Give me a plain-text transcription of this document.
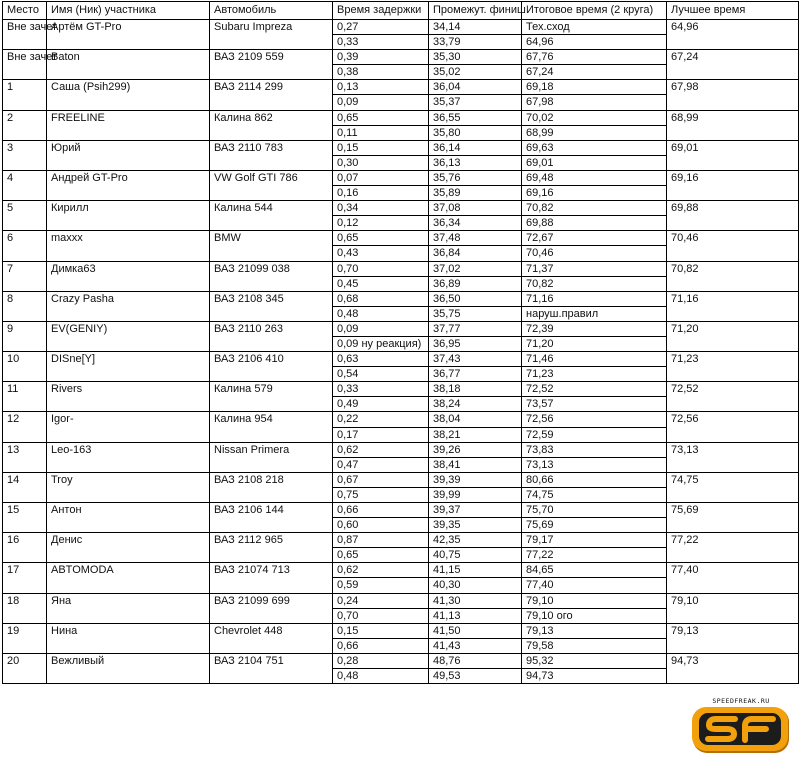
Место	Имя (Ник) участника	Автомобиль	Время задержки	Промежут. финиш	Итоговое время (2 круга)	Лучшее время
Вне зачет	Артём GT-Pro	Subaru Impreza	0,27	34,14	Тех.сход	64,96
			0,33	33,79	64,96	
Вне зачет	Baton	ВАЗ 2109 559	0,39	35,30	67,76	67,24
			0,38	35,02	67,24	
1	Саша (Psih299)	ВАЗ 2114 299	0,13	36,04	69,18	67,98
			0,09	35,37	67,98	
2	FREELINE	Калина 862	0,65	36,55	70,02	68,99
			0,11	35,80	68,99	
3	Юрий	ВАЗ 2110 783	0,15	36,14	69,63	69,01
			0,30	36,13	69,01	
4	Андрей GT-Pro	VW Golf GTI 786	0,07	35,76	69,48	69,16
			0,16	35,89	69,16	
5	Кирилл	Калина 544	0,34	37,08	70,82	69,88
			0,12	36,34	69,88	
6	maxxx	BMW	0,65	37,48	72,67	70,46
			0,43	36,84	70,46	
7	Димка63	ВАЗ 21099 038	0,70	37,02	71,37	70,82
			0,45	36,89	70,82	
8	Crazy Pasha	ВАЗ 2108 345	0,68	36,50	71,16	71,16
			0,48	35,75	наруш.правил	
9	EV(GENIY)	ВАЗ 2110 263	0,09	37,77	72,39	71,20
			0,09 ну реакция)	36,95	71,20	
10	DISne[Y]	ВАЗ 2106 410	0,63	37,43	71,46	71,23
			0,54	36,77	71,23	
11	Rivers	Калина 579	0,33	38,18	72,52	72,52
			0,49	38,24	73,57	
12	Igor-	Калина 954	0,22	38,04	72,56	72,56
			0,17	38,21	72,59	
13	Leo-163	Nissan Primera	0,62	39,26	73,83	73,13
			0,47	38,41	73,13	
14	Troy	ВАЗ 2108 218	0,67	39,39	80,66	74,75
			0,75	39,99	74,75	
15	Антон	ВАЗ 2106 144	0,66	39,37	75,70	75,69
			0,60	39,35	75,69	
16	Денис	ВАЗ 2112 965	0,87	42,35	79,17	77,22
			0,65	40,75	77,22	
17	ABTOMODA	ВАЗ 21074 713	0,62	41,15	84,65	77,40
			0,59	40,30	77,40	
18	Яна	ВАЗ 21099 699	0,24	41,30	79,10	79,10
			0,70	41,13	79,10 ого	
19	Нина	Chevrolet 448	0,15	41,50	79,13	79,13
			0,66	41,43	79,58	
20	Вежливый	ВАЗ 2104 751	0,28	48,76	95,32	94,73
			0,48	49,53	94,73	
SPEEDFREAK.RU
